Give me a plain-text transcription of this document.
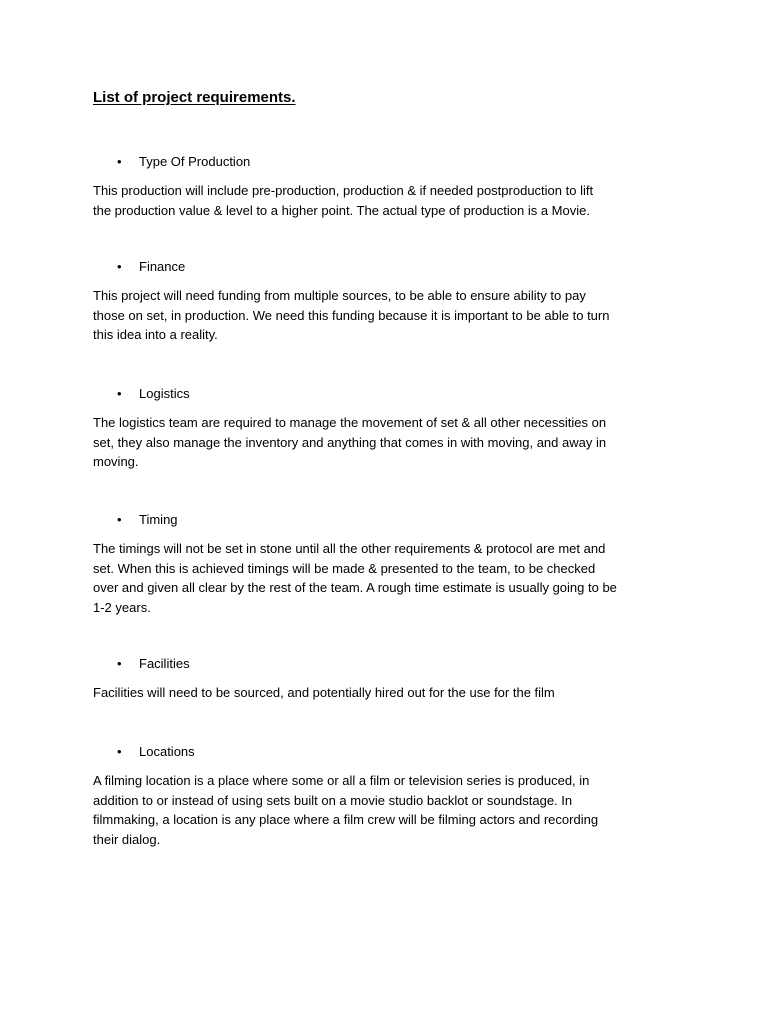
List of project requirements.
• Type Of Production
This production will include pre-production, production & if needed postproduction to lift
the production value & level to a higher point. The actual type of production is a Movie.
• Finance
This project will need funding from multiple sources, to be able to ensure ability to pay
those on set, in production. We need this funding because it is important to be able to turn
this idea into a reality.
• Logistics
The logistics team are required to manage the movement of set & all other necessities on
set, they also manage the inventory and anything that comes in with moving, and away in
moving.
• Timing
The timings will not be set in stone until all the other requirements & protocol are met and
set. When this is achieved timings will be made & presented to the team, to be checked
over and given all clear by the rest of the team. A rough time estimate is usually going to be
1-2 years.
• Facilities
Facilities will need to be sourced, and potentially hired out for the use for the film
• Locations
A filming location is a place where some or all a film or television series is produced, in
addition to or instead of using sets built on a movie studio backlot or soundstage. In
filmmaking, a location is any place where a film crew will be filming actors and recording
their dialog.
